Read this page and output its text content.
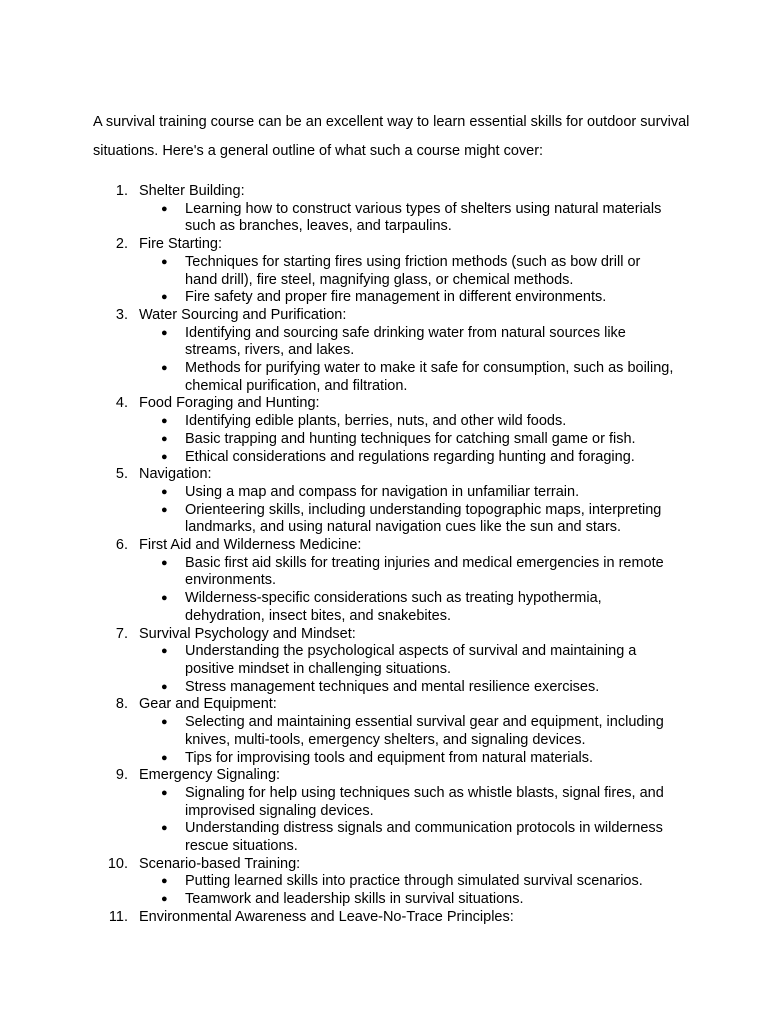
A survival training course can be an excellent way to learn essential skills for outdoor survival situations. Here's a general outline of what such a course might cover:

1. Shelter Building:
● Learning how to construct various types of shelters using natural materials such as branches, leaves, and tarpaulins.
2. Fire Starting:
● Techniques for starting fires using friction methods (such as bow drill or hand drill), fire steel, magnifying glass, or chemical methods.
● Fire safety and proper fire management in different environments.
3. Water Sourcing and Purification:
● Identifying and sourcing safe drinking water from natural sources like streams, rivers, and lakes.
● Methods for purifying water to make it safe for consumption, such as boiling, chemical purification, and filtration.
4. Food Foraging and Hunting:
● Identifying edible plants, berries, nuts, and other wild foods.
● Basic trapping and hunting techniques for catching small game or fish.
● Ethical considerations and regulations regarding hunting and foraging.
5. Navigation:
● Using a map and compass for navigation in unfamiliar terrain.
● Orienteering skills, including understanding topographic maps, interpreting landmarks, and using natural navigation cues like the sun and stars.
6. First Aid and Wilderness Medicine:
● Basic first aid skills for treating injuries and medical emergencies in remote environments.
● Wilderness-specific considerations such as treating hypothermia, dehydration, insect bites, and snakebites.
7. Survival Psychology and Mindset:
● Understanding the psychological aspects of survival and maintaining a positive mindset in challenging situations.
● Stress management techniques and mental resilience exercises.
8. Gear and Equipment:
● Selecting and maintaining essential survival gear and equipment, including knives, multi-tools, emergency shelters, and signaling devices.
● Tips for improvising tools and equipment from natural materials.
9. Emergency Signaling:
● Signaling for help using techniques such as whistle blasts, signal fires, and improvised signaling devices.
● Understanding distress signals and communication protocols in wilderness rescue situations.
10. Scenario-based Training:
● Putting learned skills into practice through simulated survival scenarios.
● Teamwork and leadership skills in survival situations.
11. Environmental Awareness and Leave-No-Trace Principles:
